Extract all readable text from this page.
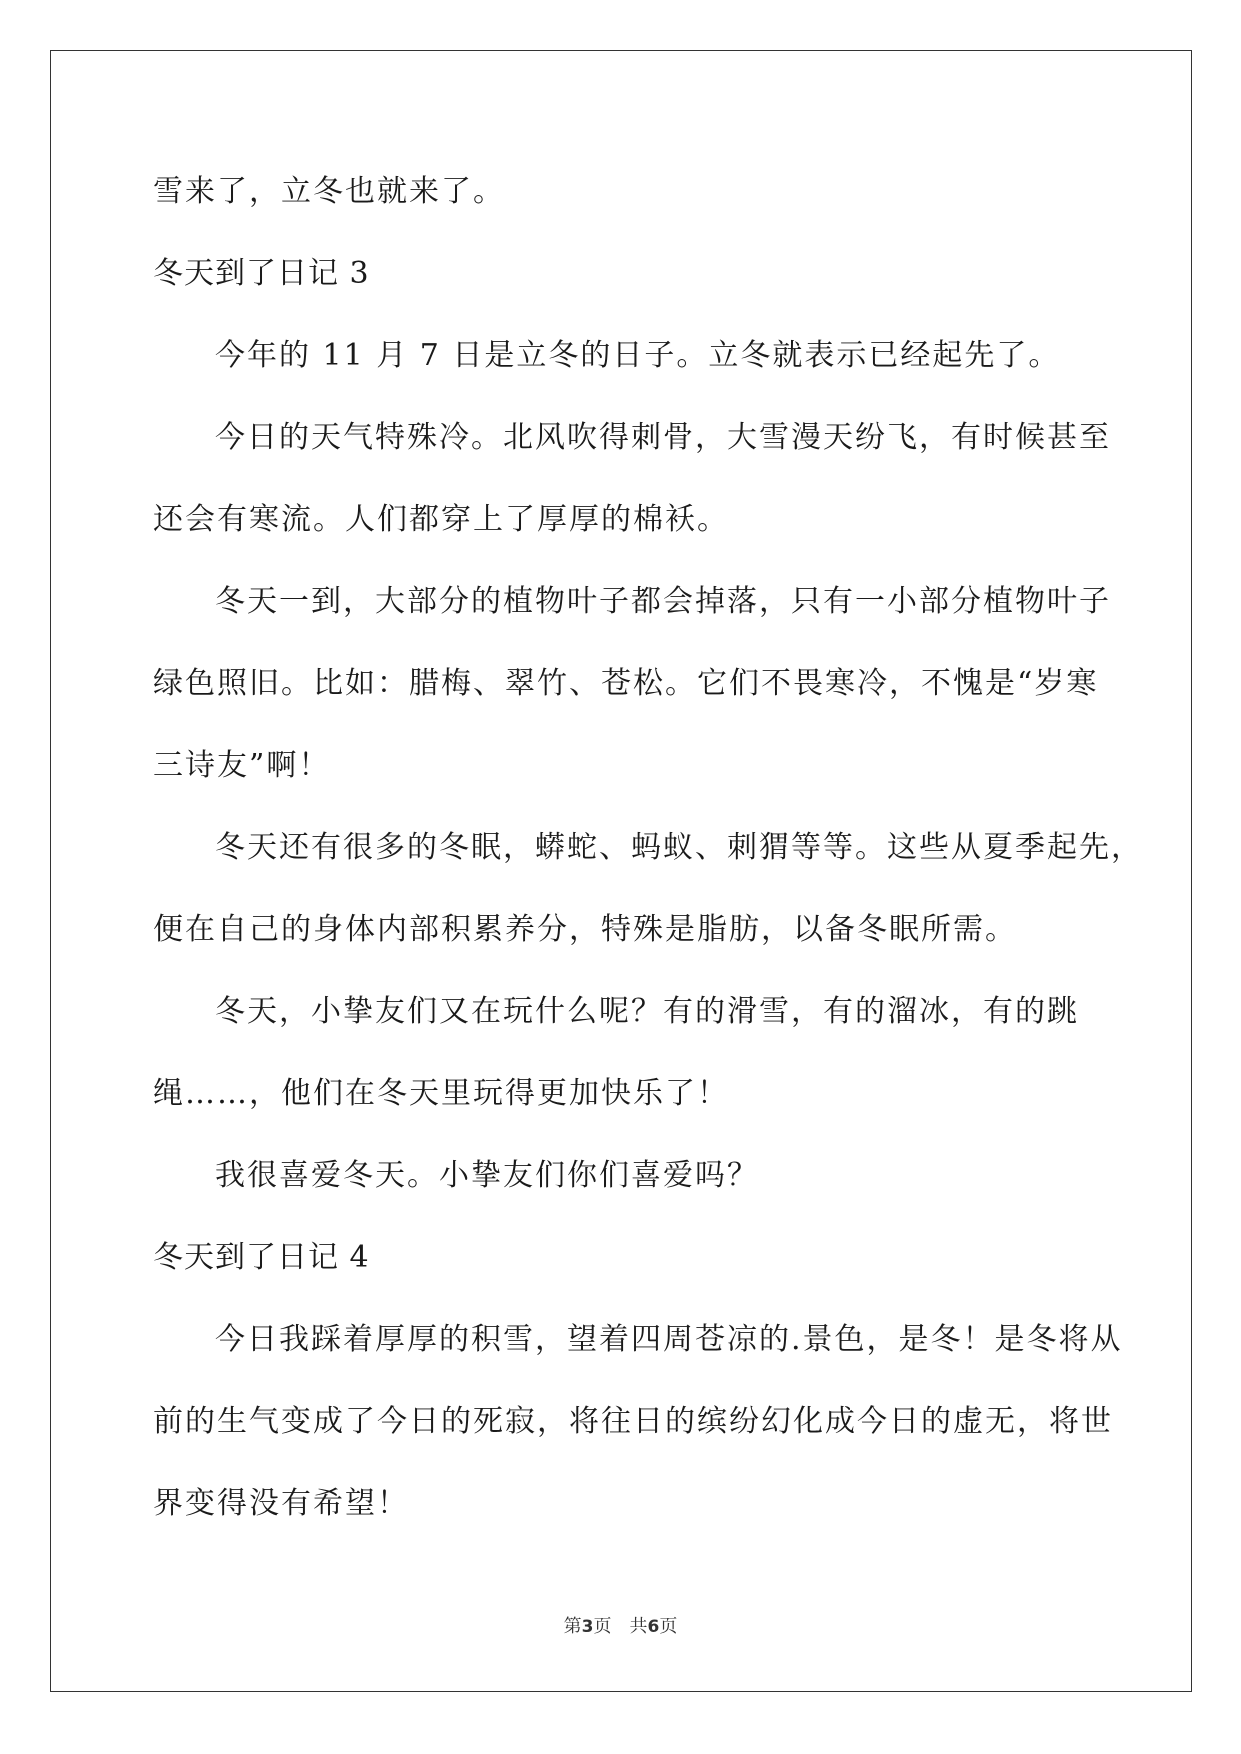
雪来了，立冬也就来了。
冬天到了日记 3
今年的 11 月 7 日是立冬的日子。立冬就表示已经起先了。
今日的天气特殊冷。北风吹得刺骨，大雪漫天纷飞，有时候甚至
还会有寒流。人们都穿上了厚厚的棉袄。
冬天一到，大部分的植物叶子都会掉落，只有一小部分植物叶子
绿色照旧。比如：腊梅、翠竹、苍松。它们不畏寒冷，不愧是“岁寒
三诗友”啊！
冬天还有很多的冬眠，蟒蛇、蚂蚁、刺猬等等。这些从夏季起先，
便在自己的身体内部积累养分，特殊是脂肪，以备冬眠所需。
冬天，小挚友们又在玩什么呢？有的滑雪，有的溜冰，有的跳
绳……，他们在冬天里玩得更加快乐了！
我很喜爱冬天。小挚友们你们喜爱吗？
冬天到了日记 4
今日我踩着厚厚的积雪，望着四周苍凉的.景色，是冬！是冬将从
前的生气变成了今日的死寂，将往日的缤纷幻化成今日的虚无，将世
界变得没有希望！
第3页 共6页
